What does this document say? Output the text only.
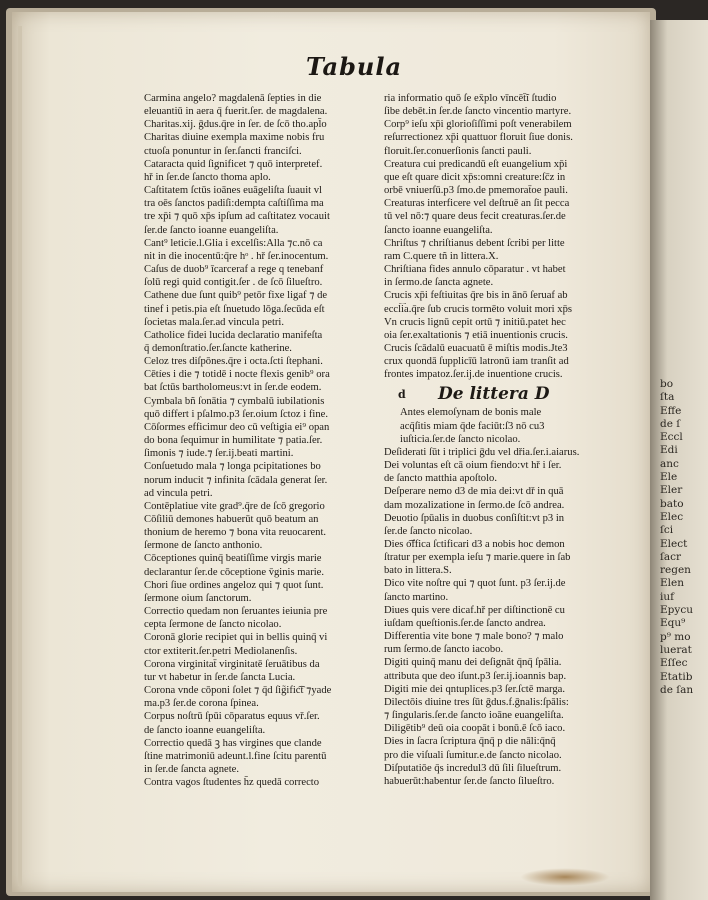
bo
ſta
Effe
de ſ
Eccl
Edi
anc
Ele
Eler
bato
Elec
ſci
Elect
ſacr
regen
Elen
iuf
Epycu
Equ⁹
p⁹ mo
luerat
Eſſec
Etatib
de ſan
Tabula
Carmina angelo? magdalenā ſepties in die
eleuantiū in aera q̄ fuerit.ſer. de magdalena.
Charitas.xij. ḡdus.q̄re in ſer. de ſcō tho.apl̄o
Charitas diuine exempla maxime nobis fru
ctuoſa ponuntur in ſer.ſancti franciſci.
Cataracta quid ſignificet ⁊ quō interpretef.
hř in ſer.de ſancto thoma aplo.
Caſtitatem ſctūs ioānes euāgeliſta ſuauit vl
tra oēs ſanctos padiſi:dempta caſtiſſima ma
tre xp̄i ⁊ quō xp̄s ipſum ad caſtitatez vocauit
ſer.de ſancto ioanne euangeliſta.
Cant⁹ leticie.l.Glia i excelſis:Alla ⁊c.nō ca
nit in die inocentū:q̄re hᵒ . hř ſer.inocentum.
Caſus de duob⁹ īcarceraf a rege q tenebanf
ſolū regi quid contigit.ſer . de ſcō ſilueſtro.
Cathene due ſunt quib⁹ petōr fixe ligaf ⁊ de
tinef i petis.pia eſt ſnuetudo lōga.ſecūda eſt
ſocietas mala.ſer.ad vincula petri.
Catholice fidei lucida declaratio manifeſta
q̄ demonſtratio.ſer.ſancte katherine.
Celoz tres diſpōnes.q̄re i octa.ſcti ſtephani.
Cētíes i die ⁊ totidē i nocte flexis genib⁹ ora
bat ſctūs bartholomeus:vt in ſer.de eodem.
Cymbala bñ ſonātia ⁊ cymbalū iubilationis
quō differt i pſalmo.p3 ſer.oium ſctoz i fine.
Cōſormes efficimur deo cū veſtigia ei⁹ opan
do bona ſequimur in humilitate ⁊ patia.ſer.
ſimonis ⁊ iude.⁊ ſer.ij.beati martini.
Conſuetudo mala ⁊ longa pcipitationes bo
norum inducit ⁊ infinita ſcādala generat ſer.
ad vincula petri.
Contēplatiue vite grad⁹.q̄re de ſcō gregorio
Cōſiliū demones habuerūt quō beatum an
thonium de heremo ⁊ bona vita reuocarent.
ſermone de ſancto anthonio.
Cōceptiones quinq̄ beatiſſime virgis marie
declarantur ſer.de cōceptione v̄ginis marie.
Chori ſiue ordines angeloz qui ⁊ quot ſunt.
ſermone oium ſanctorum.
Correctio quedam non ſeruantes ieiunia pre
cepta ſermone de ſancto nicolao.
Coronā glorie recipiet qui in bellis quinq̄ vi
ctor extiterit.ſer.petri Mediolanenſis.
Corona virginitat̄ virginitatē ſeruātibus da
tur vt habetur in ſer.de ſancta Lucia.
Corona vnde cōponi ſolet ⁊ q̄d ſig̃ific͡t ⁊yade
ma.p3 ſer.de corona ſpinea.
Corpus noſtrū ſpūi cōparatus equus vř.ſer.
de ſancto ioanne euangeliſta.
Correctio quedā ꝫ has virgines que clande
ſtine matrimoniū adeunt.l.fine ſcitu parentū
in ſer.de ſancta agnete.
Contra vagos ſtudentes h̄z quedā correcto
ria informatio quō ſe ex̄plo vīncēt̄ĩ ſtudio
ſibe debēt.in ſer.de ſancto vincentio martyre.
Corp⁹ ieſu xp̄i glorioſiſſimi poſt venerabilem
reſurrectionez xp̄i quattuor floruit ſiue donis.
floruit.ſer.conuerſionis ſancti pauli.
Creatura cui predicandū eſt euangelium xp̄i
que eſt quare dicit xp̄s:omni creature:ſc̄z in
orbē vniuerſū.p3 ſmo.de pmemorat̄oe pauli.
Creaturas interficere vel deſtruē an ſit pecca
tū vel nō:⁊ quare deus fecit creaturas.ſer.de
ſancto ioanne euangeliſta.
Chriſtus ⁊ chriſtianus debent ſcribi per litte
ram C.quere tñ in littera.X.
Chriſtiana fides annulo cōparatur . vt habet
in ſermo.de ſancta agnete.
Crucis xp̄i feſtiuitas q̄re bis in ānō ſeruaf ab
eccl͡ia.q̄re ſub crucis tormēto voluit mori xp̄s
Vn crucis lignū cepit ortū ⁊ initiū.patet hec
oia ſer.exaltationis ⁊ etiā inuentionis crucis.
Crucis ſcādalū euacuatū ē miſtis modis.Jte3
crux quondā ſupplicīū latronū iam tranſit ad
frontes impatoz.ſer.ij.de inuentione crucis.
De littera D
Antes elemoſynam de bonis male
acq̄ſitis miam q̄de faciūt:ſ3 nō cu3
iuſticia.ſer.de ſancto nicolao.
Deſiderati ſūt i triplici ḡdu vel dřia.ſer.i.aiarus.
Dei voluntas eſt cā oium fiendo:vt hř i ſer.
de ſancto matthia apoſtolo.
Deſperare nemo d3 de mia dei:vt dř in quā
dam mozalizatione in ſermo.de ſcō andrea.
Deuotio ſpūalis in duobus conſiſtit:vt p3 in
ſer.de ſancto nicolao.
Dies o͡ffica ſctificari d3 a nobis hoc demon
ſtratur per exempla ieſu ⁊ marie.quere in ſab
bato in littera.S.
Dico vite noſtre qui ⁊ quot ſunt. p3 ſer.ij.de
ſancto martino.
Diues quis vere dicaf.hř per diſtinctionē cu
iuſdam queſtionis.ſer.de ſancto andrea.
Differentia vite bone ⁊ male bono? ⁊ malo
rum ſermo.de ſancto iacobo.
Digiti quinq̄ manu dei deſignāt q̄nq̄ ſpālia.
attributa que deo iſunt.p3 ſer.ij.ioannis bap.
Digiti mie dei qntuplices.p3 ſer.ſctē marga.
Dilectōis diuine tres ſūt ḡdus.f.ḡnalis:ſpālis:
⁊ ſingularis.ſer.de ſancto ioāne euangeliſta.
Diligētib⁹ deū oia coopāt i bonū.ē ſcō iaco.
Dies in ſacra ſcriptura q̄nq̄ p die nāli:q̄nq̄
pro die viſuali ſumitur.e.de ſancto nicolao.
Diſputatiōe q̄s incredul3 dū ſili ſilueſtrum.
habuerūt:habentur ſer.de ſancto ſilueſtro.
d
